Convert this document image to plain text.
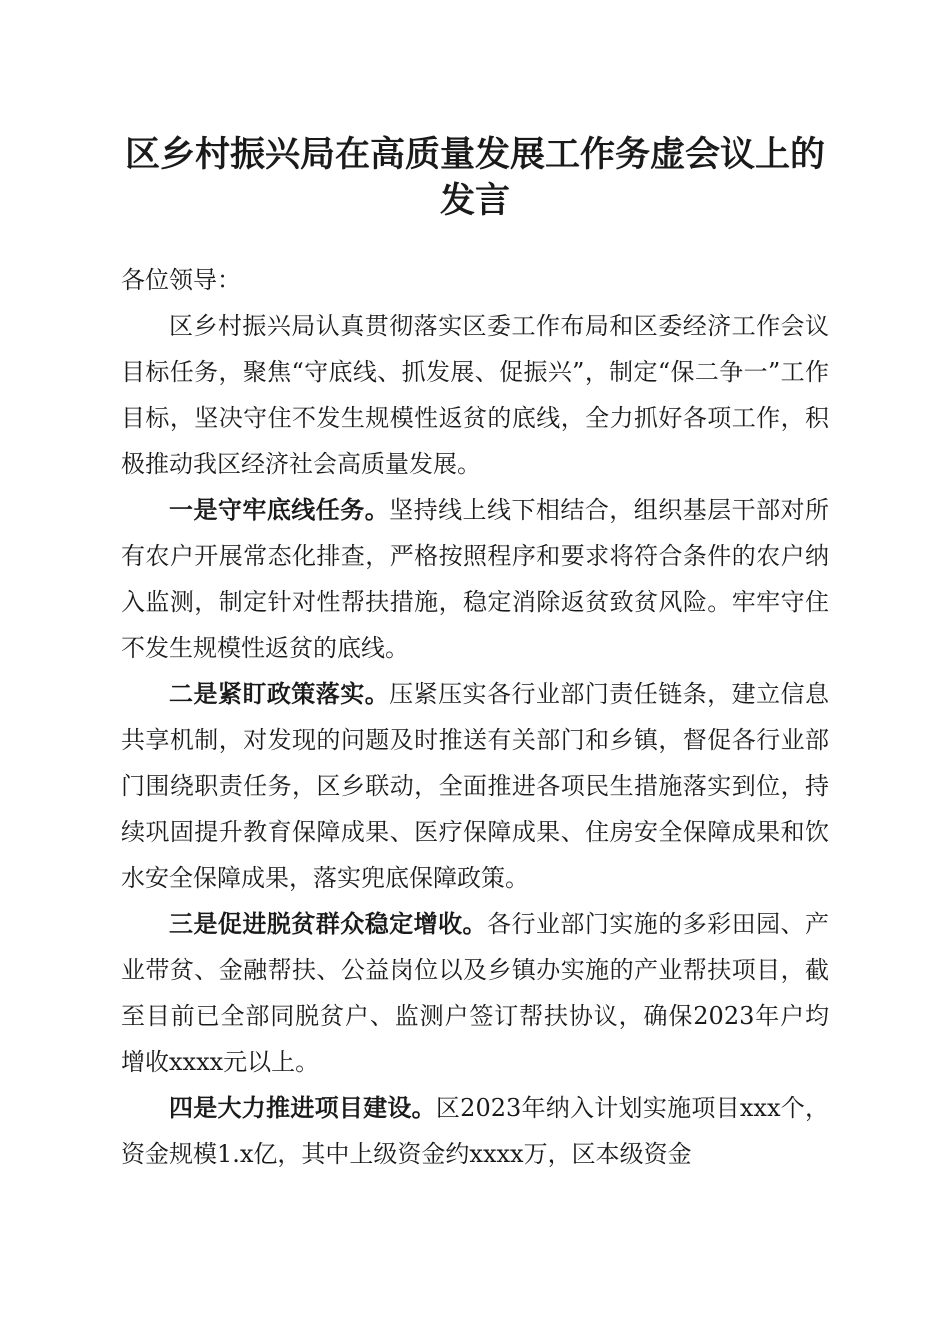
区乡村振兴局在高质量发展工作务虚会议上的发言

各位领导：

区乡村振兴局认真贯彻落实区委工作布局和区委经济工作会议目标任务，聚焦“守底线、抓发展、促振兴”，制定“保二争一”工作目标，坚决守住不发生规模性返贫的底线，全力抓好各项工作，积极推动我区经济社会高质量发展。

一是守牢底线任务。坚持线上线下相结合，组织基层干部对所有农户开展常态化排查，严格按照程序和要求将符合条件的农户纳入监测，制定针对性帮扶措施，稳定消除返贫致贫风险。牢牢守住不发生规模性返贫的底线。

二是紧盯政策落实。压紧压实各行业部门责任链条，建立信息共享机制，对发现的问题及时推送有关部门和乡镇，督促各行业部门围绕职责任务，区乡联动，全面推进各项民生措施落实到位，持续巩固提升教育保障成果、医疗保障成果、住房安全保障成果和饮水安全保障成果，落实兜底保障政策。

三是促进脱贫群众稳定增收。各行业部门实施的多彩田园、产业带贫、金融帮扶、公益岗位以及乡镇办实施的产业帮扶项目，截至目前已全部同脱贫户、监测户签订帮扶协议，确保2023年户均增收xxxx元以上。

四是大力推进项目建设。区2023年纳入计划实施项目xxx个，资金规模1.x亿，其中上级资金约xxxx万，区本级资金
